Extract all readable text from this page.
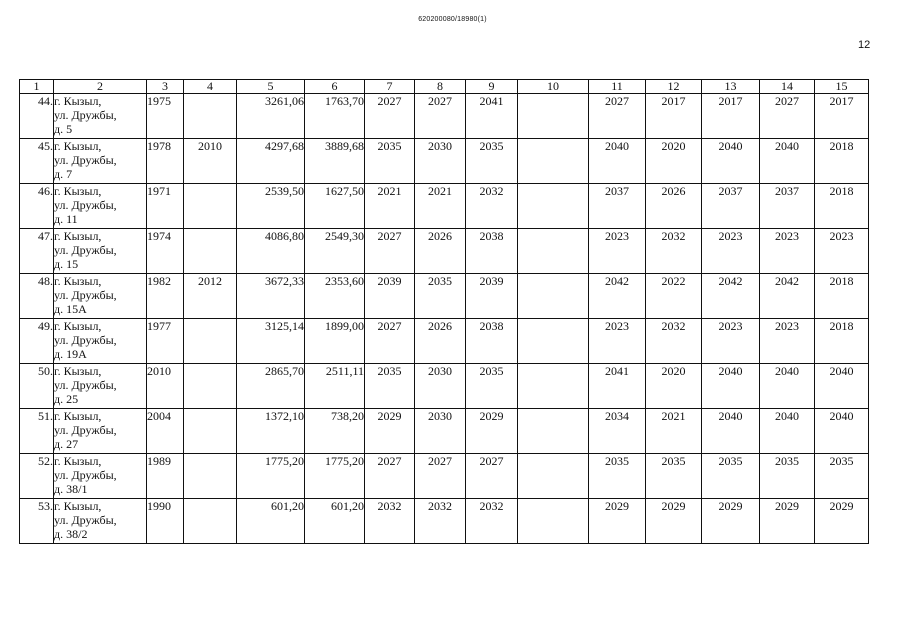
620200080/18980(1)
12
1	2	3	4	5	6	7	8	9	10	11	12	13	14	15
44.	г. Кызыл,
ул. Дружбы,
д. 5	1975		3261,06	1763,70	2027	2027	2041		2027	2017	2017	2027	2017
45.	г. Кызыл,
ул. Дружбы,
д. 7	1978	2010	4297,68	3889,68	2035	2030	2035		2040	2020	2040	2040	2018
46.	г. Кызыл,
ул. Дружбы,
д. 11	1971		2539,50	1627,50	2021	2021	2032		2037	2026	2037	2037	2018
47.	г. Кызыл,
ул. Дружбы,
д. 15	1974		4086,80	2549,30	2027	2026	2038		2023	2032	2023	2023	2023
48.	г. Кызыл,
ул. Дружбы,
д. 15А	1982	2012	3672,33	2353,60	2039	2035	2039		2042	2022	2042	2042	2018
49.	г. Кызыл,
ул. Дружбы,
д. 19А	1977		3125,14	1899,00	2027	2026	2038		2023	2032	2023	2023	2018
50.	г. Кызыл,
ул. Дружбы,
д. 25	2010		2865,70	2511,11	2035	2030	2035		2041	2020	2040	2040	2040
51.	г. Кызыл,
ул. Дружбы,
д. 27	2004		1372,10	738,20	2029	2030	2029		2034	2021	2040	2040	2040
52.	г. Кызыл,
ул. Дружбы,
д. 38/1	1989		1775,20	1775,20	2027	2027	2027		2035	2035	2035	2035	2035
53.	г. Кызыл,
ул. Дружбы,
д. 38/2	1990		601,20	601,20	2032	2032	2032		2029	2029	2029	2029	2029
